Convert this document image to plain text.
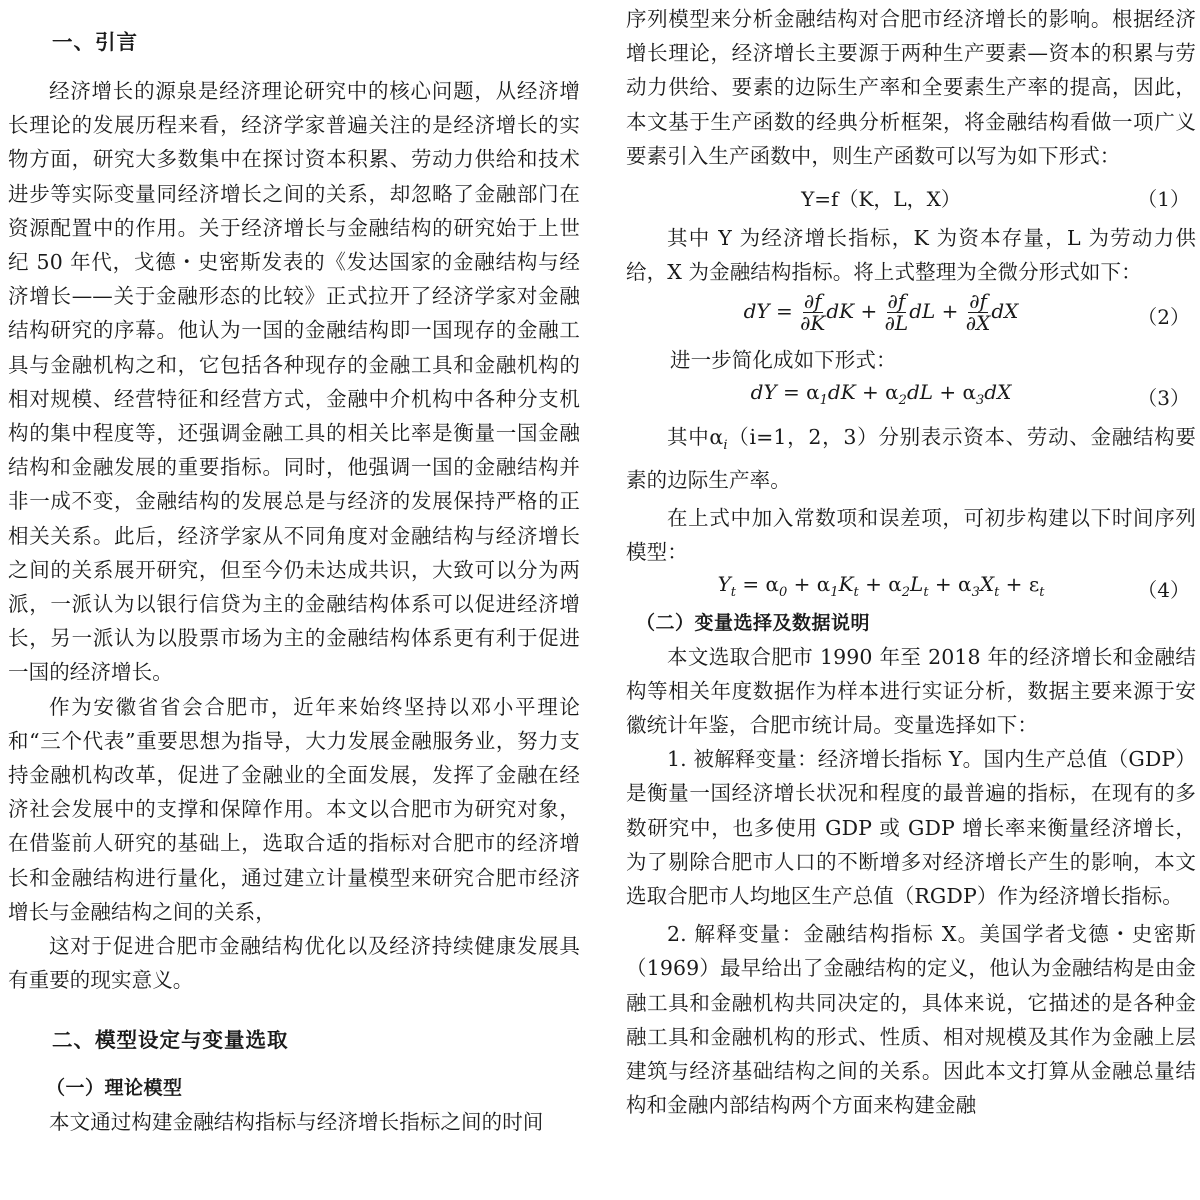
一、引言

经济增长的源泉是经济理论研究中的核心问题，从经济增长理论的发展历程来看，经济学家普遍关注的是经济增长的实物方面，研究大多数集中在探讨资本积累、劳动力供给和技术进步等实际变量同经济增长之间的关系，却忽略了金融部门在资源配置中的作用。关于经济增长与金融结构的研究始于上世纪 50 年代，戈德・史密斯发表的《发达国家的金融结构与经济增长——关于金融形态的比较》正式拉开了经济学家对金融结构研究的序幕。他认为一国的金融结构即一国现存的金融工具与金融机构之和，它包括各种现存的金融工具和金融机构的相对规模、经营特征和经营方式，金融中介机构中各种分支机构的集中程度等，还强调金融工具的相关比率是衡量一国金融结构和金融发展的重要指标。同时，他强调一国的金融结构并非一成不变，金融结构的发展总是与经济的发展保持严格的正相关关系。此后，经济学家从不同角度对金融结构与经济增长之间的关系展开研究，但至今仍未达成共识，大致可以分为两派，一派认为以银行信贷为主的金融结构体系可以促进经济增长，另一派认为以股票市场为主的金融结构体系更有利于促进一国的经济增长。

作为安徽省省会合肥市，近年来始终坚持以邓小平理论和“三个代表”重要思想为指导，大力发展金融服务业，努力支持金融机构改革，促进了金融业的全面发展，发挥了金融在经济社会发展中的支撑和保障作用。本文以合肥市为研究对象，在借鉴前人研究的基础上，选取合适的指标对合肥市的经济增长和金融结构进行量化，通过建立计量模型来研究合肥市经济增长与金融结构之间的关系，

这对于促进合肥市金融结构优化以及经济持续健康发展具有重要的现实意义。

二、模型设定与变量选取
（一）理论模型

本文通过构建金融结构指标与经济增长指标之间的时间

序列模型来分析金融结构对合肥市经济增长的影响。根据经济增长理论，经济增长主要源于两种生产要素—资本的积累与劳动力供给、要素的边际生产率和全要素生产率的提高，因此，本文基于生产函数的经典分析框架，将金融结构看做一项广义要素引入生产函数中，则生产函数可以写为如下形式：

Y=f（K，L，X）	（1）

其中 Y 为经济增长指标，K 为资本存量，L 为劳动力供给，X 为金融结构指标。将上式整理为全微分形式如下：

dY = $\frac{\partial f}{\partial K}$ dK + $\frac{\partial f}{\partial L}$ dL + $\frac{\partial f}{\partial X}$ dX	（2）

进一步简化成如下形式：

dY = $\alpha_1dK + \alpha_2dL + \alpha_3dX$	（3）

其中$\alpha_i(i=1$，2，3）分别表示资本、劳动、金融结构要素的边际生产率。

在上式中加入常数项和误差项，可初步构建以下时间序列模型：

$Y_t = \alpha_0 + \alpha_1K_t + \alpha_2L_t + \alpha_3X_t + \varepsilon_t$	（4）
（二）变量选择及数据说明

本文选取合肥市 1990 年至 2018 年的经济增长和金融结构等相关年度数据作为样本进行实证分析，数据主要来源于安徽统计年鉴，合肥市统计局。变量选择如下：

1. 被解释变量：经济增长指标 Y。国内生产总值（GDP）是衡量一国经济增长状况和程度的最普遍的指标，在现有的多数研究中，也多使用 GDP 或 GDP 增长率来衡量经济增长，为了剔除合肥市人口的不断增多对经济增长产生的影响，本文选取合肥市人均地区生产总值（RGDP）作为经济增长指标。

2. 解释变量：金融结构指标 X。美国学者戈德・史密斯（1969）最早给出了金融结构的定义，他认为金融结构是由金融工具和金融机构共同决定的，具体来说，它描述的是各种金融工具和金融机构的形式、性质、相对规模及其作为金融上层建筑与经济基础结构之间的关系。因此本文打算从金融总量结构和金融内部结构两个方面来构建金融
